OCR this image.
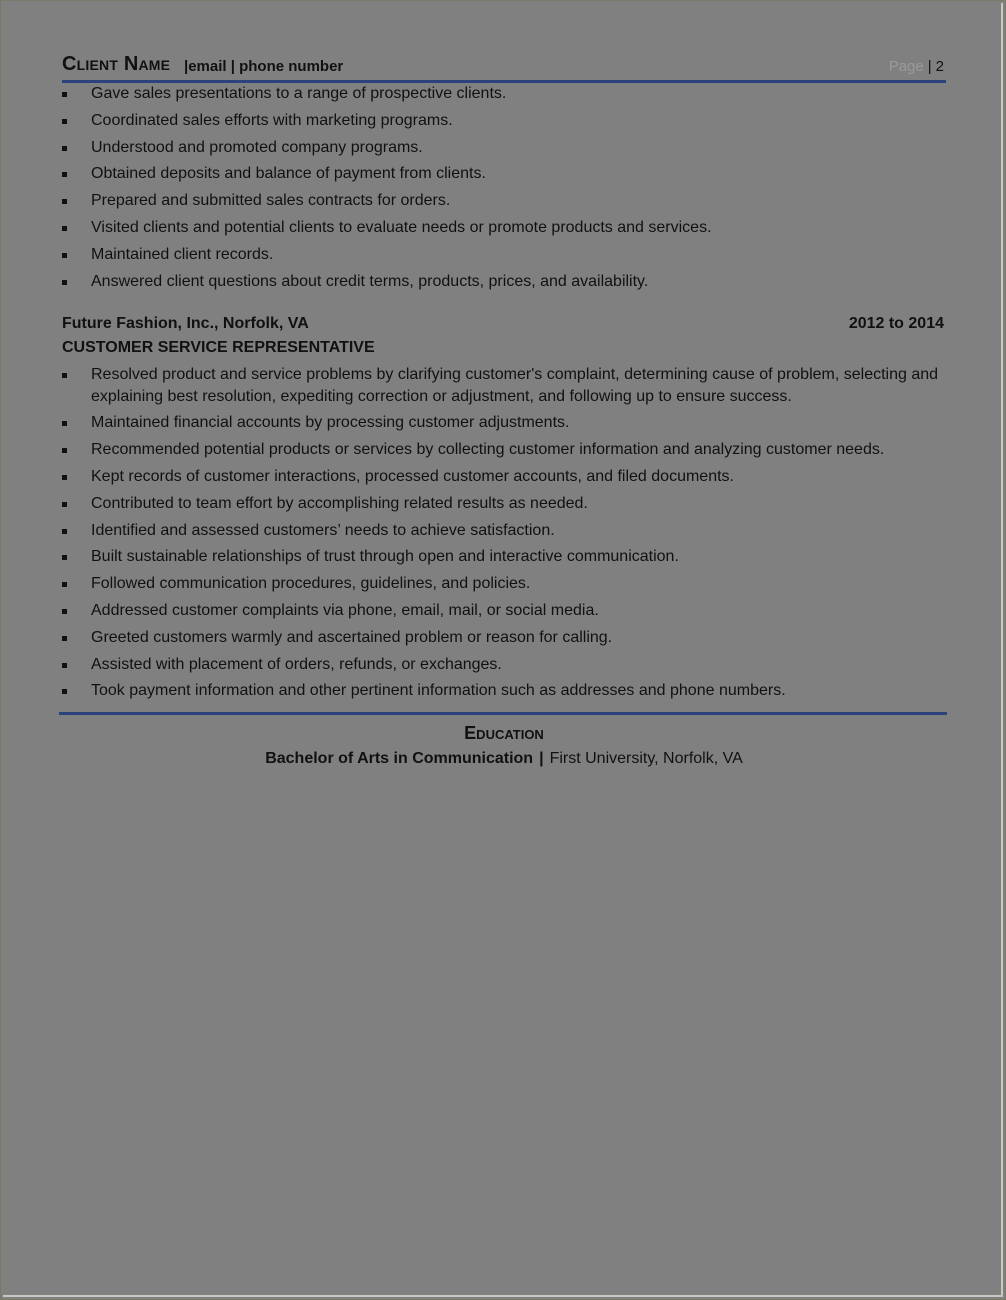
Client Name |email | phone number	Page | 2
Gave sales presentations to a range of prospective clients.
Coordinated sales efforts with marketing programs.
Understood and promoted company programs.
Obtained deposits and balance of payment from clients.
Prepared and submitted sales contracts for orders.
Visited clients and potential clients to evaluate needs or promote products and services.
Maintained client records.
Answered client questions about credit terms, products, prices, and availability.
Future Fashion, Inc., Norfolk, VA	2012 to 2014
CUSTOMER SERVICE REPRESENTATIVE
Resolved product and service problems by clarifying customer's complaint, determining cause of problem, selecting and explaining best resolution, expediting correction or adjustment, and following up to ensure success.
Maintained financial accounts by processing customer adjustments.
Recommended potential products or services by collecting customer information and analyzing customer needs.
Kept records of customer interactions, processed customer accounts, and filed documents.
Contributed to team effort by accomplishing related results as needed.
Identified and assessed customers’ needs to achieve satisfaction.
Built sustainable relationships of trust through open and interactive communication.
Followed communication procedures, guidelines, and policies.
Addressed customer complaints via phone, email, mail, or social media.
Greeted customers warmly and ascertained problem or reason for calling.
Assisted with placement of orders, refunds, or exchanges.
Took payment information and other pertinent information such as addresses and phone numbers.
Education
Bachelor of Arts in Communication | First University, Norfolk, VA
